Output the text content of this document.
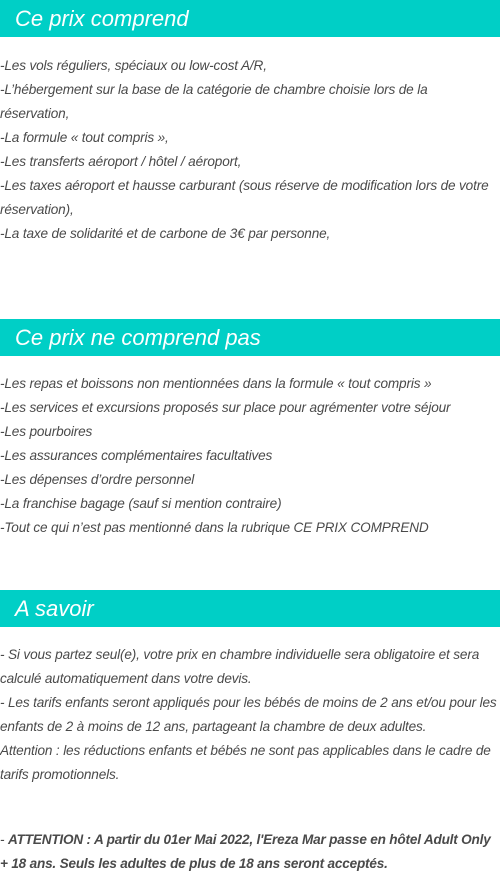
Ce prix comprend

-Les vols réguliers, spéciaux ou low-cost A/R,

-L’hébergement sur la base de la catégorie de chambre choisie lors de la réservation,

-La formule « tout compris »,

-Les transferts aéroport / hôtel / aéroport,

-Les taxes aéroport et hausse carburant (sous réserve de modification lors de votre réservation),

-La taxe de solidarité et de carbone de 3€ par personne,

Ce prix ne comprend pas

-Les repas et boissons non mentionnées dans la formule « tout compris »

-Les services et excursions proposés sur place pour agrémenter votre séjour

-Les pourboires

-Les assurances complémentaires facultatives

-Les dépenses d’ordre personnel

-La franchise bagage (sauf si mention contraire)

-Tout ce qui n’est pas mentionné dans la rubrique CE PRIX COMPREND

A savoir

- Si vous partez seul(e), votre prix en chambre individuelle sera obligatoire et sera calculé automatiquement dans votre devis.

- Les tarifs enfants seront appliqués pour les bébés de moins de 2 ans et/ou pour les enfants de 2 à moins de 12 ans, partageant la chambre de deux adultes.

Attention : les réductions enfants et bébés ne sont pas applicables dans le cadre de tarifs promotionnels.

- ATTENTION : A partir du 01er Mai 2022, l'Ereza Mar passe en hôtel Adult Only + 18 ans. Seuls les adultes de plus de 18 ans seront acceptés.
